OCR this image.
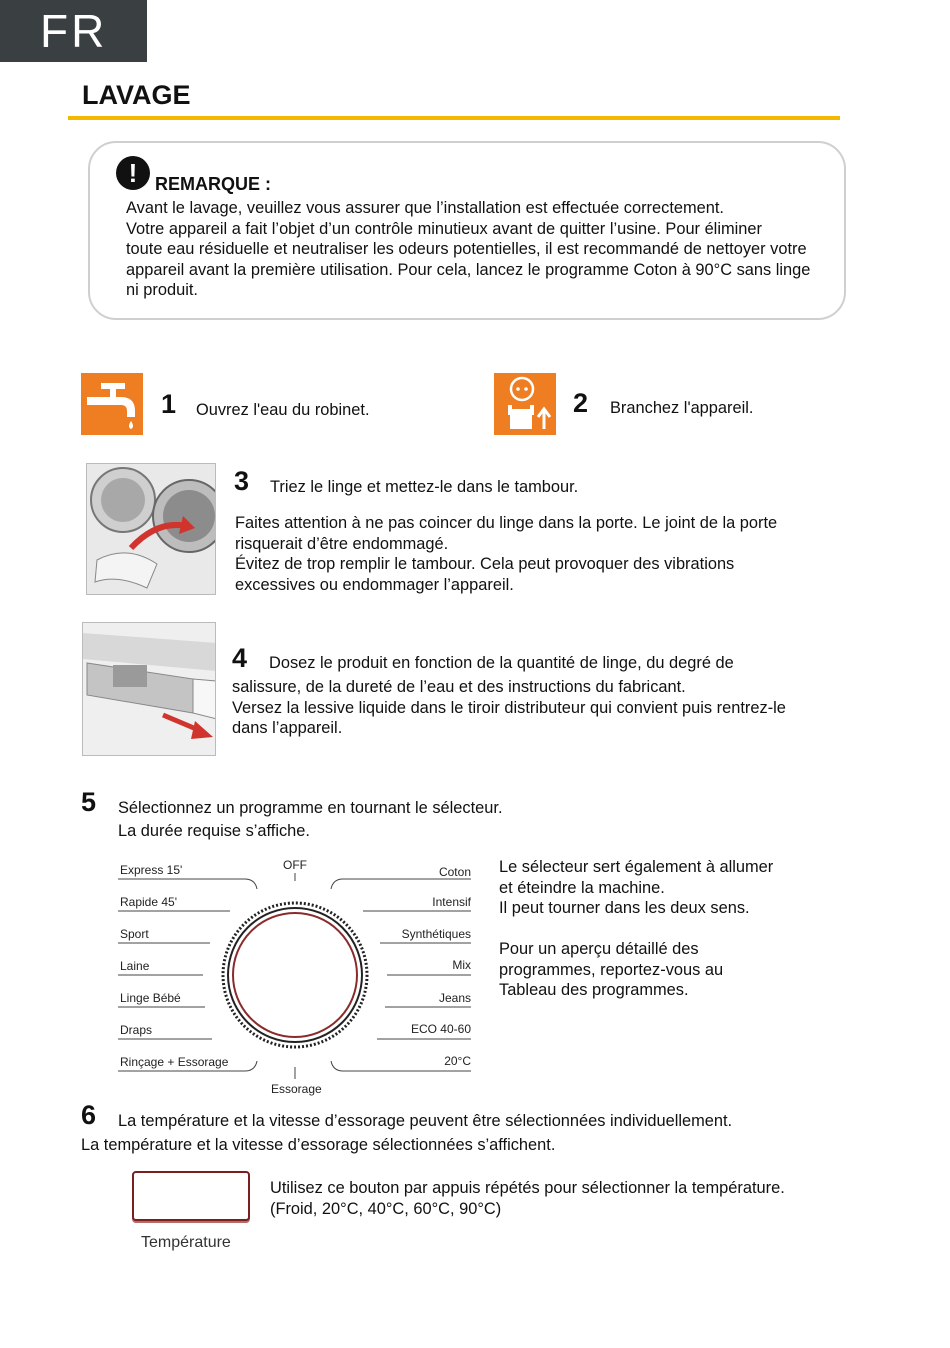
FR
LAVAGE
! REMARQUE :
Avant le lavage, veuillez vous assurer que l’installation est effectuée correctement.
Votre appareil a fait l’objet d’un contrôle minutieux avant de quitter l’usine. Pour éliminer
toute eau résiduelle et neutraliser les odeurs potentielles, il est recommandé de nettoyer votre
appareil avant la première utilisation. Pour cela, lancez le programme Coton à 90°C sans linge
ni produit.
1 Ouvrez l'eau du robinet.	2 Branchez l'appareil.
3 Triez le linge et mettez-le dans le tambour.
Faites attention à ne pas coincer du linge dans la porte. Le joint de la porte
risquerait d’être endommagé.
Évitez de trop remplir le tambour. Cela peut provoquer des vibrations
excessives ou endommager l’appareil.
4 Dosez le produit en fonction de la quantité de linge, du degré de
salissure, de la dureté de l’eau et des instructions du fabricant.
Versez la lessive liquide dans le tiroir distributeur qui convient puis rentrez-le
dans l’appareil.
5 Sélectionnez un programme en tournant le sélecteur.
La durée requise s’affiche.
OFF
Essorage
Express 15'
Rapide 45'
Sport
Laine
Linge Bébé
Draps
Rinçage + Essorage
Coton
Intensif
Synthétiques
Mix
Jeans
ECO 40-60
20°C
Le sélecteur sert également à allumer
et éteindre la machine.
Il peut tourner dans les deux sens.
Pour un aperçu détaillé des
programmes, reportez-vous au
Tableau des programmes.
6 La température et la vitesse d’essorage peuvent être sélectionnées individuellement.
La température et la vitesse d’essorage sélectionnées s’affichent.
Température
Utilisez ce bouton par appuis répétés pour sélectionner la température.
(Froid, 20°C, 40°C, 60°C, 90°C)
